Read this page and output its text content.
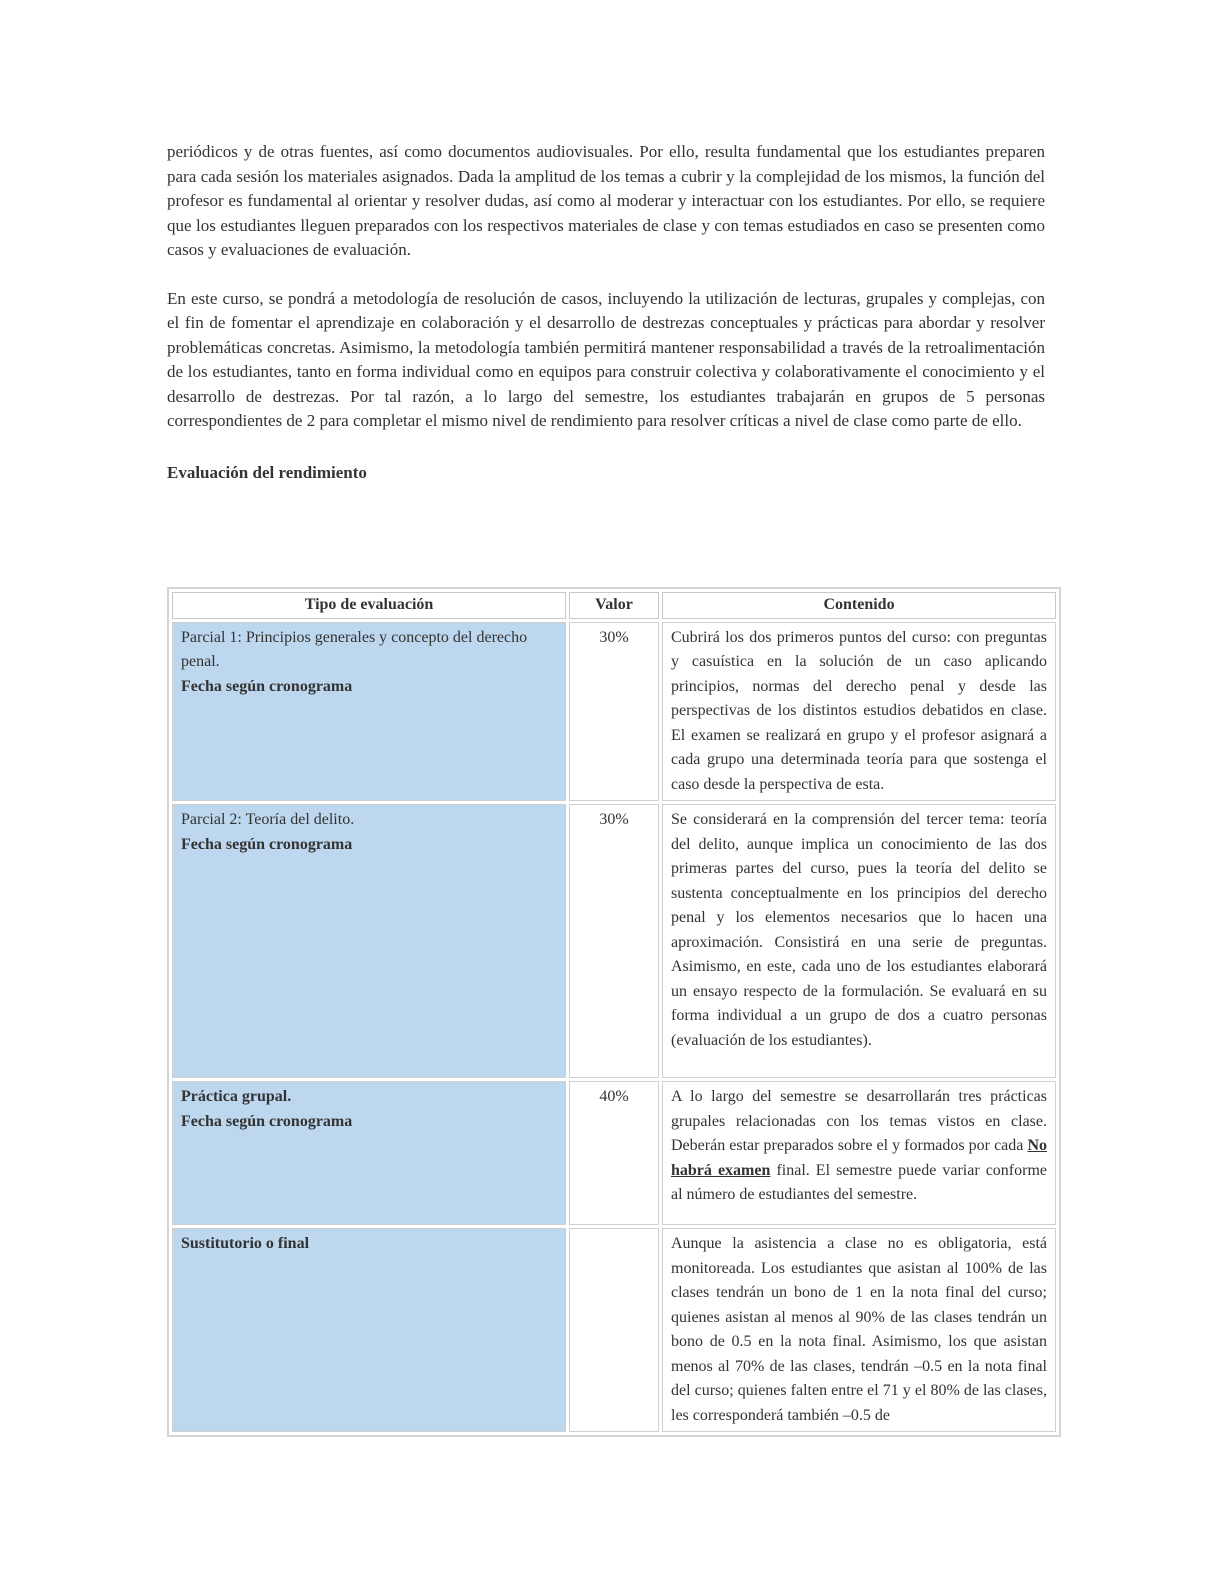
periódicos y de otras fuentes, así como documentos audiovisuales. Por ello, resulta fundamental que los estudiantes preparen para cada sesión los materiales asignados. Dada la amplitud de los temas a cubrir y la complejidad de los mismos, la función del profesor es fundamental al orientar y resolver dudas, así como al moderar y interactuar con los estudiantes. Por ello, se requiere que los estudiantes lleguen preparados con los respectivos materiales de clase y con temas estudiados en caso se presenten como casos y evaluaciones de evaluación.

En este curso, se pondrá a metodología de resolución de casos, incluyendo la utilización de lecturas, grupales y complejas, con el fin de fomentar el aprendizaje en colaboración y el desarrollo de destrezas conceptuales y prácticas para abordar y resolver problemáticas concretas. Asimismo, la metodología también permitirá mantener responsabilidad a través de la retroalimentación de los estudiantes, tanto en forma individual como en equipos para construir colectiva y colaborativamente el conocimiento y el desarrollo de destrezas. Por tal razón, a lo largo del semestre, los estudiantes trabajarán en grupos de 5 personas correspondientes de 2 para completar el mismo nivel de rendimiento para resolver críticas a nivel de clase como parte de ello.

Evaluación del rendimiento
Tipo de evaluación	Valor	Contenido

Parcial 1: Principios generales y concepto del derecho penal.
Fecha según cronograma	30%	Cubrirá los dos primeros puntos del curso: con preguntas y casuística en la solución de un caso aplicando principios, normas del derecho penal y desde las perspectivas de los distintos estudios debatidos en clase. El examen se realizará en grupo y el profesor asignará a cada grupo una determinada teoría para que sostenga el caso desde la perspectiva de esta.

Parcial 2: Teoría del delito.
Fecha según cronograma	30%	Se considerará en la comprensión del tercer tema: teoría del delito, aunque implica un conocimiento de las dos primeras partes del curso, pues la teoría del delito se sustenta conceptualmente en los principios del derecho penal y los elementos necesarios que lo hacen una aproximación. Consistirá en una serie de preguntas. Asimismo, en este, cada uno de los estudiantes elaborará un ensayo respecto de la formulación. Se evaluará en su forma individual a un grupo de dos a cuatro personas (evaluación de los estudiantes).

Práctica grupal.
Fecha según cronograma	40%	A lo largo del semestre se desarrollarán tres prácticas grupales relacionadas con los temas vistos en clase. Deberán estar preparados sobre el y formados por cada No habrá examen final. El semestre puede variar conforme al número de estudiantes del semestre.

Sustitutorio o final		Aunque la asistencia a clase no es obligatoria, está monitoreada. Los estudiantes que asistan al 100% de las clases tendrán un bono de 1 en la nota final del curso; quienes asistan al menos al 90% de las clases tendrán un bono de 0.5 en la nota final. Asimismo, los que asistan menos al 70% de las clases, tendrán –0.5 en la nota final del curso; quienes falten entre el 71 y el 80% de las clases, les corresponderá también –0.5 de
